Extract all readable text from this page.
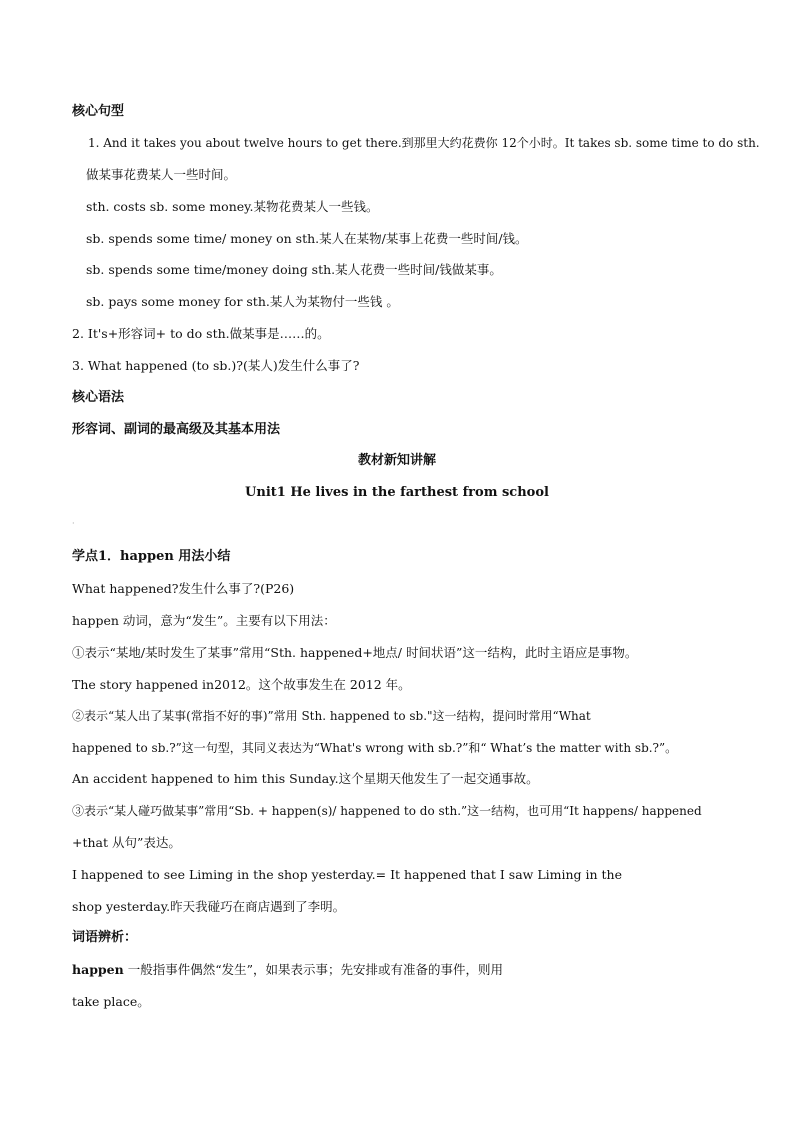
核心句型
1. And it takes you about twelve hours to get there.到那里大约花费你 12个小时。It takes sb. some time to do sth.
做某事花费某人一些时间。
sth. costs sb. some money.某物花费某人一些钱。
sb. spends some time/ money on sth.某人在某物/某事上花费一些时间/钱。
sb. spends some time/money doing sth.某人花费一些时间/钱做某事。
sb. pays some money for sth.某人为某物付一些钱 。
2. It's+形容词+ to do sth.做某事是……的。
3. What happened (to sb.)?(某人)发生什么事了?
核心语法
形容词、副词的最高级及其基本用法
教材新知讲解
Unit1 He lives in the farthest from school
·
学点1．happen 用法小结
What happened?发生什么事了?(P26)
happen 动词，意为“发生”。主要有以下用法：
①表示“某地/某时发生了某事”常用“Sth. happened+地点/ 时间状语”这一结构，此时主语应是事物。
The story happened in2012。这个故事发生在 2012 年。
②表示“某人出了某事(常指不好的事)”常用 Sth. happened to sb."这一结构，提问时常用“What
happened to sb.?”这一句型，其同义表达为“What's wrong with sb.?”和“ What’s the matter with sb.?”。
An accident happened to him this Sunday.这个星期天他发生了一起交通事故。
③表示“某人碰巧做某事”常用“Sb. + happen(s)/ happened to do sth.”这一结构，也可用“It happens/ happened
+that 从句”表达。
I happened to see Liming in the shop yesterday.= It happened that I saw Liming in the
shop yesterday.昨天我碰巧在商店遇到了李明。
词语辨析：
happen 一般指事件偶然“发生”，如果表示事；先安排或有准备的事件，则用
take place。
